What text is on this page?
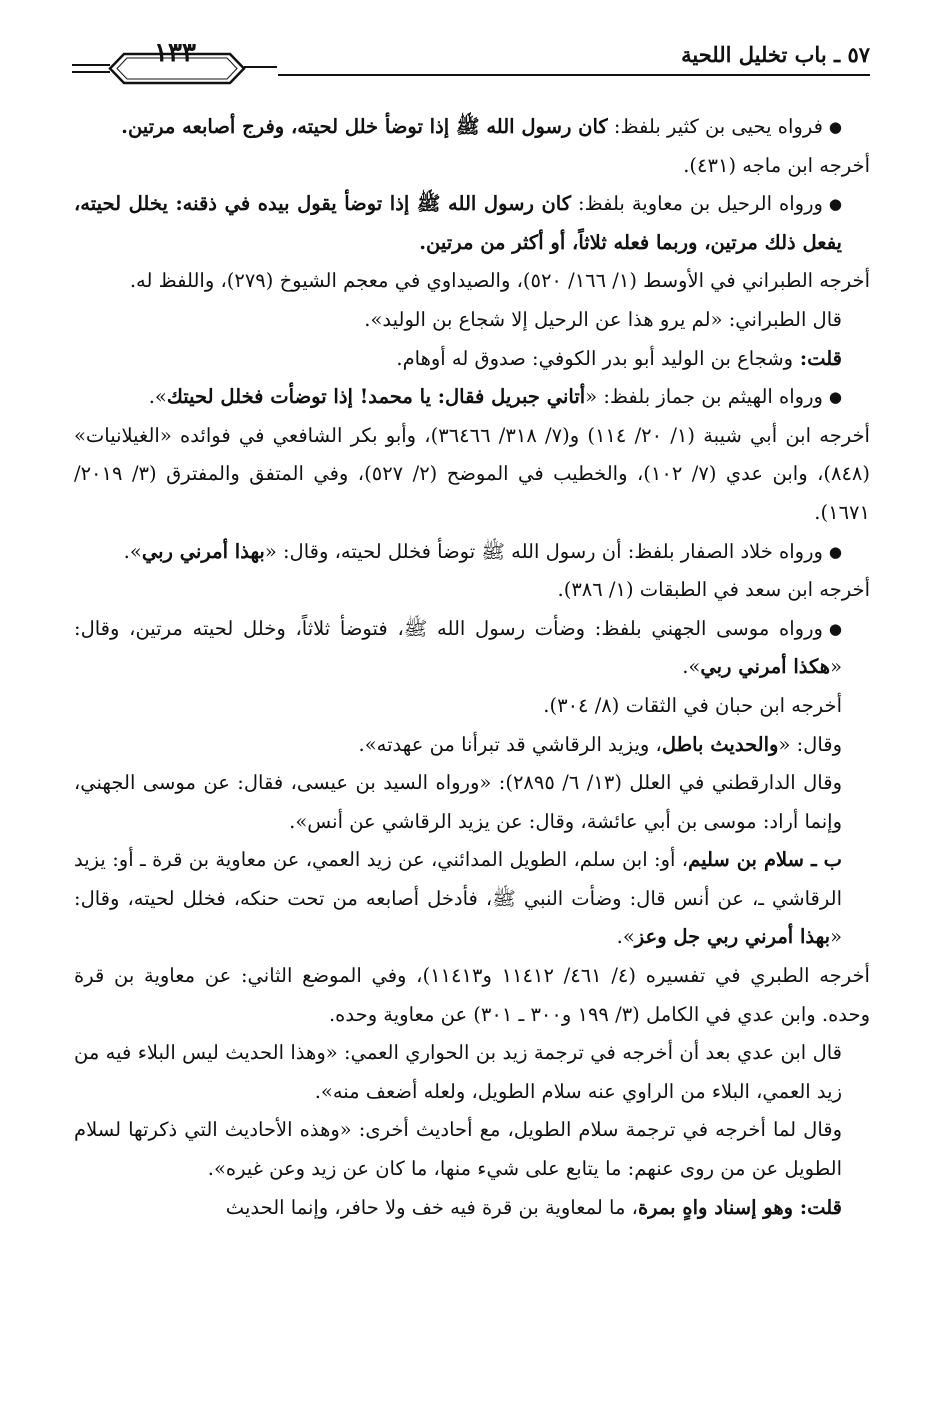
٥٧ ـ باب تخليل اللحية
١٣٣

●فرواه يحيى بن كثير بلفظ: كان رسول الله ﷺ إذا توضأ خلل لحيته، وفرج أصابعه مرتين.

أخرجه ابن ماجه (٤٣١).

●ورواه الرحيل بن معاوية بلفظ: كان رسول الله ﷺ إذا توضأ يقول بيده في ذقنه: يخلل لحيته، يفعل ذلك مرتين، وربما فعله ثلاثاً، أو أكثر من مرتين.

أخرجه الطبراني في الأوسط (١/ ١٦٦/ ٥٢٠)، والصيداوي في معجم الشيوخ (٢٧٩)، واللفظ له.

قال الطبراني: «لم يرو هذا عن الرحيل إلا شجاع بن الوليد».

قلت: وشجاع بن الوليد أبو بدر الكوفي: صدوق له أوهام.

●ورواه الهيثم بن جماز بلفظ: «أتاني جبريل فقال: يا محمد! إذا توضأت فخلل لحيتك».

أخرجه ابن أبي شيبة (١/ ٢٠/ ١١٤) و(٧/ ٣١٨/ ٣٦٤٦٦)، وأبو بكر الشافعي في فوائده «الغيلانيات» (٨٤٨)، وابن عدي (٧/ ١٠٢)، والخطيب في الموضح (٢/ ٥٢٧)، وفي المتفق والمفترق (٣/ ٢٠١٩/ ١٦٧١).

●ورواه خلاد الصفار بلفظ: أن رسول الله ﷺ توضأ فخلل لحيته، وقال: «بهذا أمرني ربي».

أخرجه ابن سعد في الطبقات (١/ ٣٨٦).

●ورواه موسى الجهني بلفظ: وضأت رسول الله ﷺ، فتوضأ ثلاثاً، وخلل لحيته مرتين، وقال: «هكذا أمرني ربي».

أخرجه ابن حبان في الثقات (٨/ ٣٠٤).

وقال: «والحديث باطل، ويزيد الرقاشي قد تبرأنا من عهدته».

وقال الدارقطني في العلل (١٣/ ٦/ ٢٨٩٥): «ورواه السيد بن عيسى، فقال: عن موسى الجهني، وإنما أراد: موسى بن أبي عائشة، وقال: عن يزيد الرقاشي عن أنس».

ب ـ سلام بن سليم، أو: ابن سلم، الطويل المدائني، عن زيد العمي، عن معاوية بن قرة ـ أو: يزيد الرقاشي ـ، عن أنس قال: وضأت النبي ﷺ، فأدخل أصابعه من تحت حنكه، فخلل لحيته، وقال: «بهذا أمرني ربي جل وعز».

أخرجه الطبري في تفسيره (٤/ ٤٦١/ ١١٤١٢ و١١٤١٣)، وفي الموضع الثاني: عن معاوية بن قرة وحده. وابن عدي في الكامل (٣/ ١٩٩ و٣٠٠ ـ ٣٠١) عن معاوية وحده.

قال ابن عدي بعد أن أخرجه في ترجمة زيد بن الحواري العمي: «وهذا الحديث ليس البلاء فيه من زيد العمي، البلاء من الراوي عنه سلام الطويل، ولعله أضعف منه».

وقال لما أخرجه في ترجمة سلام الطويل، مع أحاديث أخرى: «وهذه الأحاديث التي ذكرتها لسلام الطويل عن من روى عنهم: ما يتابع على شيء منها، ما كان عن زيد وعن غيره».

قلت: وهو إسناد واهٍ بمرة، ما لمعاوية بن قرة فيه خف ولا حافر، وإنما الحديث
